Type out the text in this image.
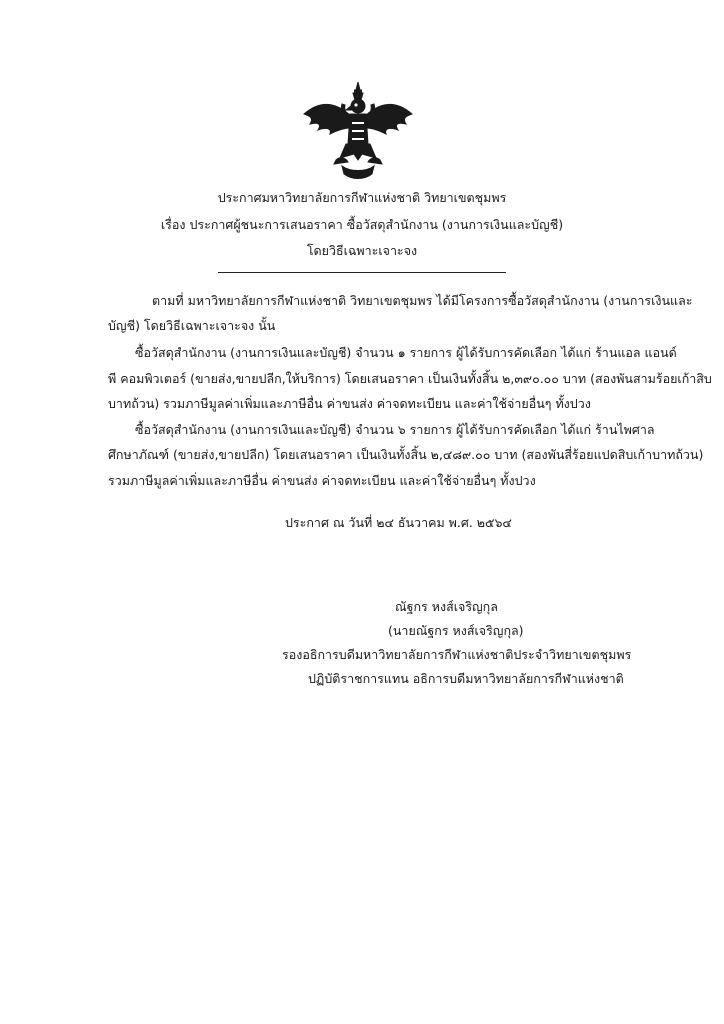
ประกาศมหาวิทยาลัยการกีฬาแห่งชาติ วิทยาเขตชุมพร
เรื่อง ประกาศผู้ชนะการเสนอราคา ซื้อวัสดุสำนักงาน (งานการเงินและบัญชี)
โดยวิธีเฉพาะเจาะจง
ตามที่ มหาวิทยาลัยการกีฬาแห่งชาติ วิทยาเขตชุมพร ได้มีโครงการซื้อวัสดุสำนักงาน (งานการเงินและ
บัญชี) โดยวิธีเฉพาะเจาะจง นั้น
ซื้อวัสดุสำนักงาน (งานการเงินและบัญชี) จำนวน ๑ รายการ ผู้ได้รับการคัดเลือก ได้แก่ ร้านแอล แอนด์
พี คอมพิวเตอร์ (ขายส่ง,ขายปลีก,ให้บริการ) โดยเสนอราคา เป็นเงินทั้งสิ้น ๒,๓๙๐.๐๐ บาท (สองพันสามร้อยเก้าสิบ
บาทถ้วน) รวมภาษีมูลค่าเพิ่มและภาษีอื่น ค่าขนส่ง ค่าจดทะเบียน และค่าใช้จ่ายอื่นๆ ทั้งปวง
ซื้อวัสดุสำนักงาน (งานการเงินและบัญชี) จำนวน ๖ รายการ ผู้ได้รับการคัดเลือก ได้แก่ ร้านไพศาล
ศึกษาภัณฑ์ (ขายส่ง,ขายปลีก) โดยเสนอราคา เป็นเงินทั้งสิ้น ๒,๔๘๙.๐๐ บาท (สองพันสี่ร้อยแปดสิบเก้าบาทถ้วน)
รวมภาษีมูลค่าเพิ่มและภาษีอื่น ค่าขนส่ง ค่าจดทะเบียน และค่าใช้จ่ายอื่นๆ ทั้งปวง
ประกาศ ณ วันที่ ๒๔ ธันวาคม พ.ศ. ๒๕๖๔
ณัฐกร หงส์เจริญกุล
(นายณัฐกร หงส์เจริญกุล)
รองอธิการบดีมหาวิทยาลัยการกีฬาแห่งชาติประจำวิทยาเขตชุมพร
ปฏิบัติราชการแทน อธิการบดีมหาวิทยาลัยการกีฬาแห่งชาติ
